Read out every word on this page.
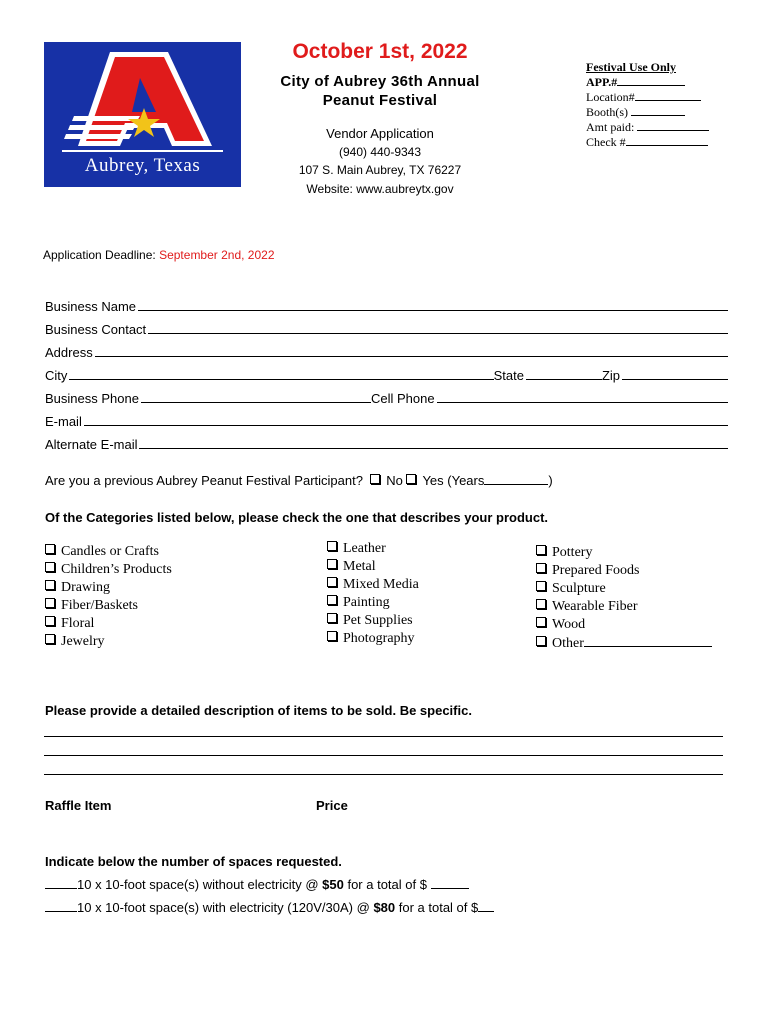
Aubrey, Texas
October 1st, 2022
City of Aubrey 36th Annual
Peanut Festival
Vendor Application
(940) 440-9343
107 S. Main Aubrey, TX 76227
Website: www.aubreytx.gov
Festival Use Only
APP.#
Location#
Booth(s)
Amt paid:
Check #
Application Deadline: September 2nd, 2022
Business Name
Business Contact
Address
City	State	Zip
Business Phone	Cell Phone
E-mail
Alternate E-mail
Are you a previous Aubrey Peanut Festival Participant? No Yes (Years	)
Of the Categories listed below, please check the one that describes your product.
Candles or Crafts
Children’s Products
Drawing
Fiber/Baskets
Floral
Jewelry
Leather
Metal
Mixed Media
Painting
Pet Supplies
Photography
Pottery
Prepared Foods
Sculpture
Wearable Fiber
Wood
Other
Please provide a detailed description of items to be sold. Be specific.
Raffle Item	Price
Indicate below the number of spaces requested.
10 x 10-foot space(s) without electricity @ $50 for a total of $
10 x 10-foot space(s) with electricity (120V/30A) @ $80 for a total of $
